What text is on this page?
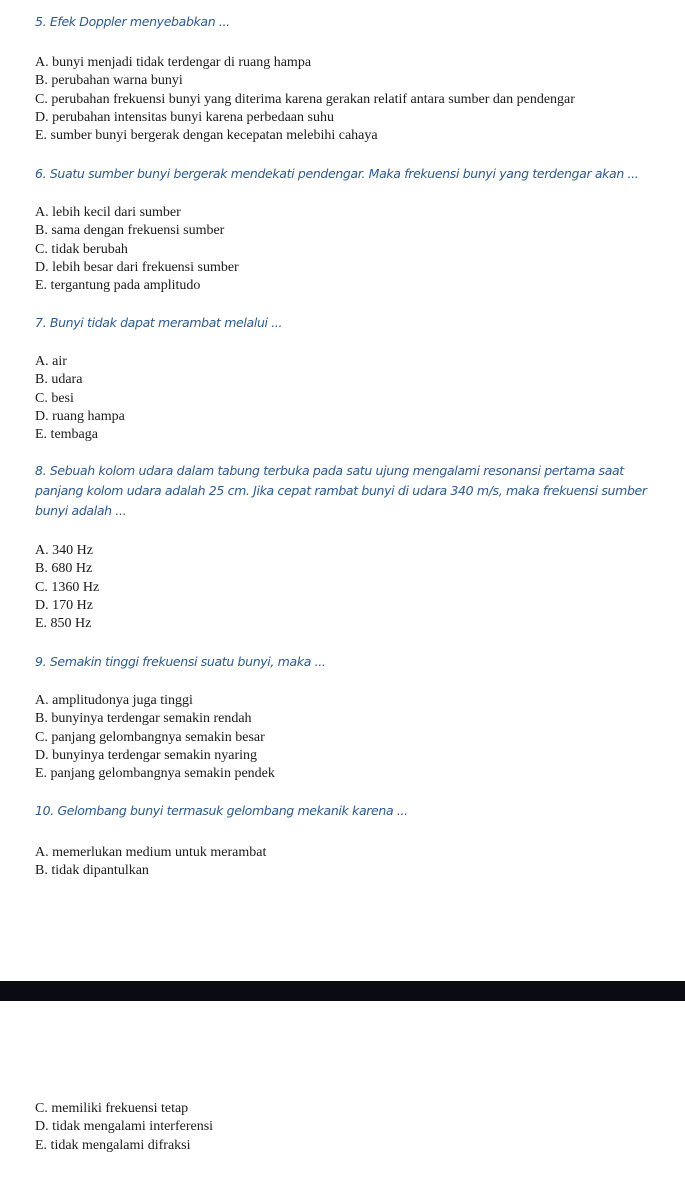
5. Efek Doppler menyebabkan ...

A. bunyi menjadi tidak terdengar di ruang hampa
B. perubahan warna bunyi
C. perubahan frekuensi bunyi yang diterima karena gerakan relatif antara sumber dan pendengar
D. perubahan intensitas bunyi karena perbedaan suhu
E. sumber bunyi bergerak dengan kecepatan melebihi cahaya

6. Suatu sumber bunyi bergerak mendekati pendengar. Maka frekuensi bunyi yang terdengar akan ...

A. lebih kecil dari sumber
B. sama dengan frekuensi sumber
C. tidak berubah
D. lebih besar dari frekuensi sumber
E. tergantung pada amplitudo

7. Bunyi tidak dapat merambat melalui ...

A. air
B. udara
C. besi
D. ruang hampa
E. tembaga

8. Sebuah kolom udara dalam tabung terbuka pada satu ujung mengalami resonansi pertama saat panjang kolom udara adalah 25 cm. Jika cepat rambat bunyi di udara 340 m/s, maka frekuensi sumber bunyi adalah ...

A. 340 Hz
B. 680 Hz
C. 1360 Hz
D. 170 Hz
E. 850 Hz

9. Semakin tinggi frekuensi suatu bunyi, maka ...

A. amplitudonya juga tinggi
B. bunyinya terdengar semakin rendah
C. panjang gelombangnya semakin besar
D. bunyinya terdengar semakin nyaring
E. panjang gelombangnya semakin pendek

10. Gelombang bunyi termasuk gelombang mekanik karena ...

A. memerlukan medium untuk merambat
B. tidak dipantulkan
C. memiliki frekuensi tetap
D. tidak mengalami interferensi
E. tidak mengalami difraksi
